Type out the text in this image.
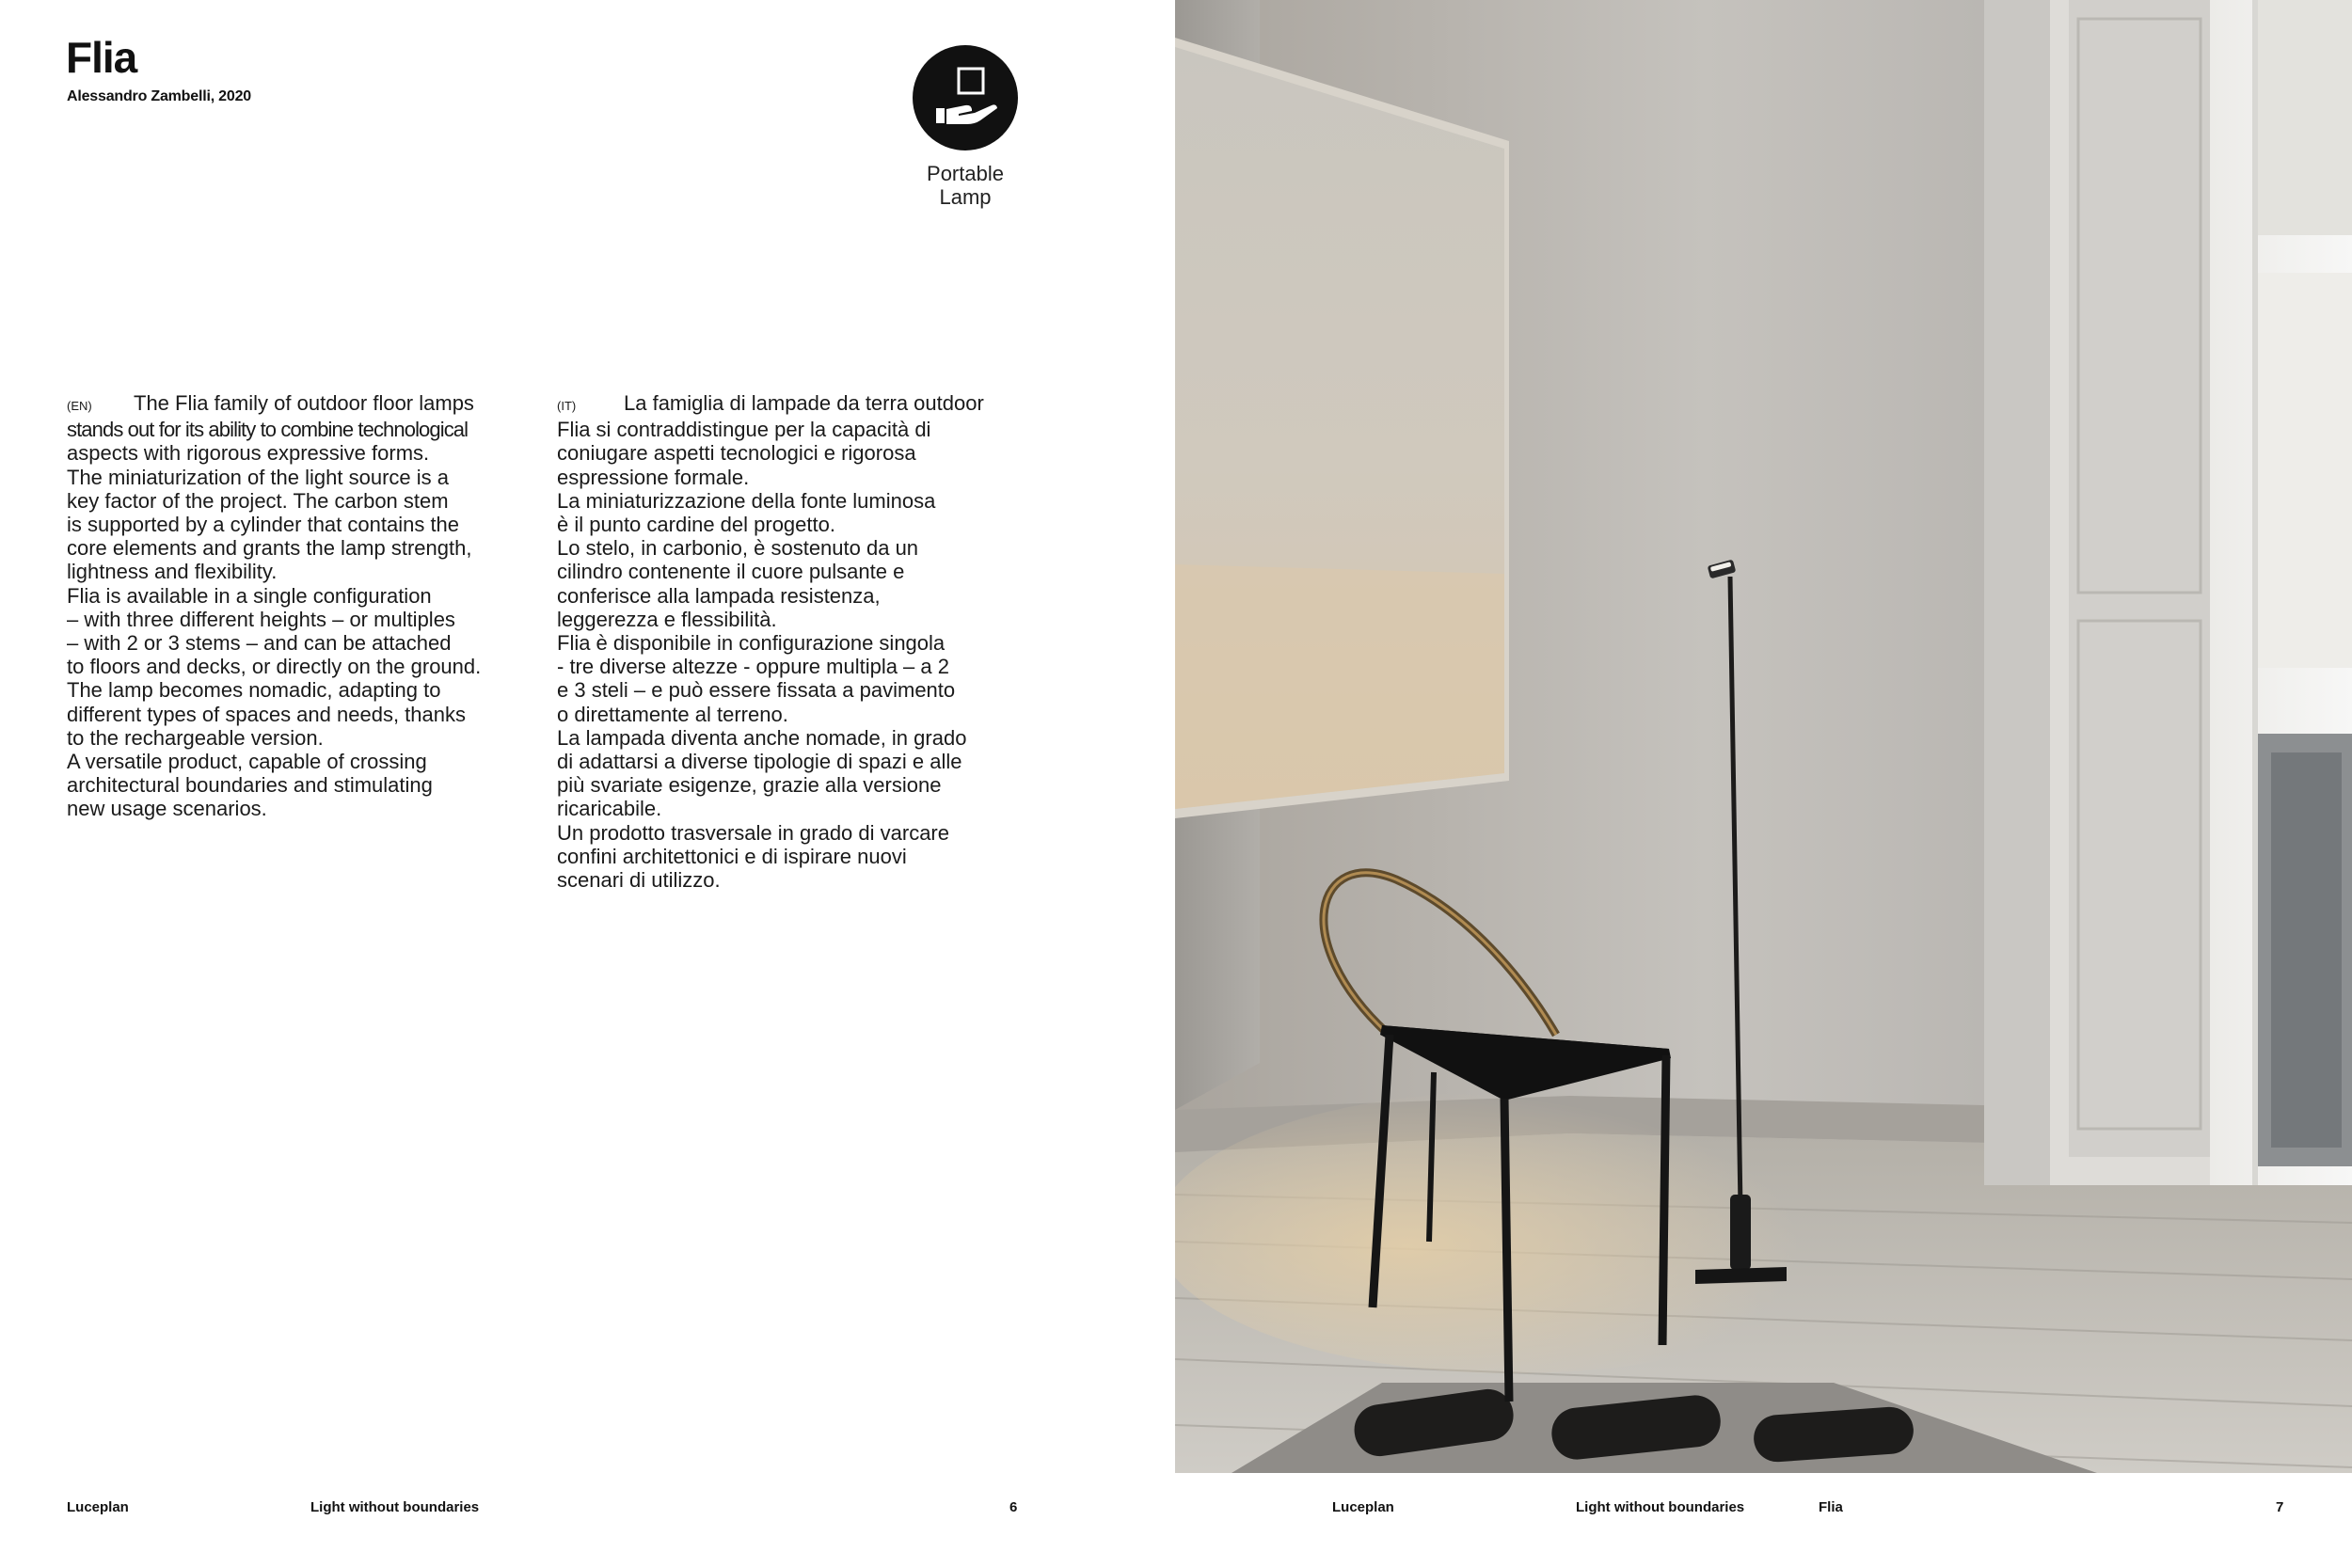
Flia
Alessandro Zambelli, 2020
Portable
Lamp
(EN) The Flia family of outdoor floor lamps
stands out for its ability to combine technological
aspects with rigorous expressive forms.
The miniaturization of the light source is a
key factor of the project. The carbon stem
is supported by a cylinder that contains the
core elements and grants the lamp strength,
lightness and flexibility.
Flia is available in a single configuration
– with three different heights – or multiples
– with 2 or 3 stems – and can be attached
to floors and decks, or directly on the ground.
The lamp becomes nomadic, adapting to
different types of spaces and needs, thanks
to the rechargeable version.
A versatile product, capable of crossing
architectural boundaries and stimulating
new usage scenarios.
(IT) La famiglia di lampade da terra outdoor
Flia si contraddistingue per la capacità di
coniugare aspetti tecnologici e rigorosa
espressione formale.
La miniaturizzazione della fonte luminosa
è il punto cardine del progetto.
Lo stelo, in carbonio, è sostenuto da un
cilindro contenente il cuore pulsante e
conferisce alla lampada resistenza,
leggerezza e flessibilità.
Flia è disponibile in configurazione singola
- tre diverse altezze - oppure multipla – a 2
e 3 steli – e può essere fissata a pavimento
o direttamente al terreno.
La lampada diventa anche nomade, in grado
di adattarsi a diverse tipologie di spazi e alle
più svariate esigenze, grazie alla versione
ricaricabile.
Un prodotto trasversale in grado di varcare
confini architettonici e di ispirare nuovi
scenari di utilizzo.
Luceplan	Light without boundaries	6	Luceplan	Light without boundaries	Flia	7
